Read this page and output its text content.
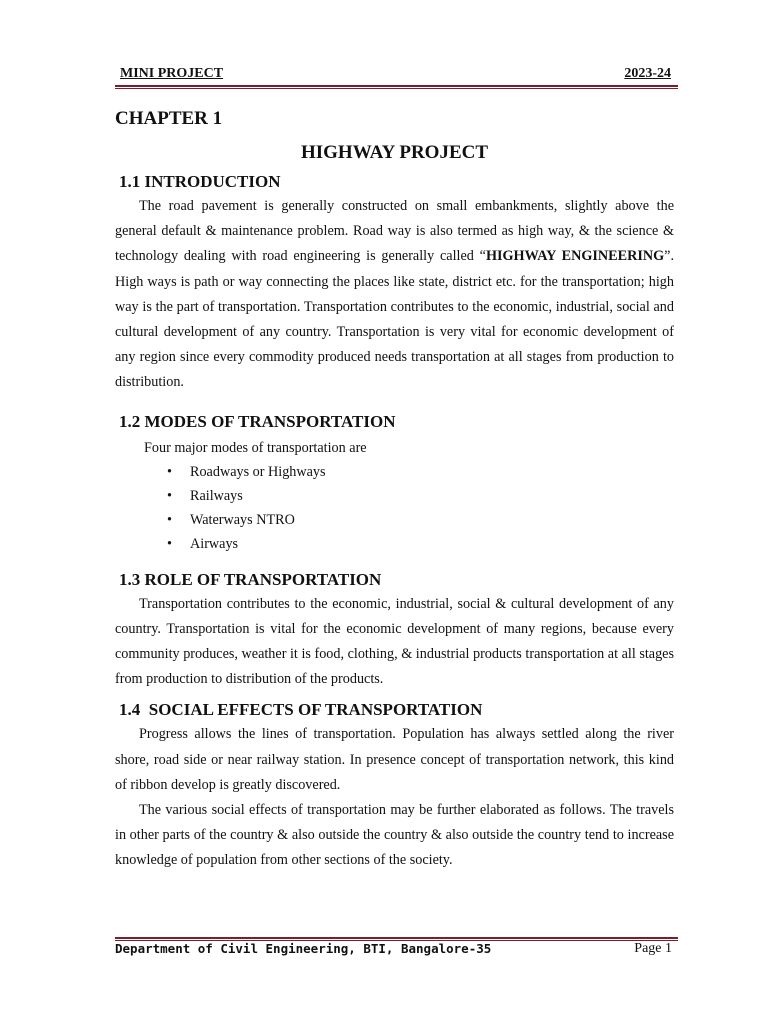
MINI PROJECT	2023-24
CHAPTER 1
HIGHWAY PROJECT
1.1 INTRODUCTION

The road pavement is generally constructed on small embankments, slightly above the general default & maintenance problem. Road way is also termed as high way, & the science & technology dealing with road engineering is generally called “HIGHWAY ENGINEERING”. High ways is path or way connecting the places like state, district etc. for the transportation; high way is the part of transportation. Transportation contributes to the economic, industrial, social and cultural development of any country. Transportation is very vital for economic development of any region since every commodity produced needs transportation at all stages from production to distribution.

1.2 MODES OF TRANSPORTATION
Four major modes of transportation are
• Roadways or Highways
• Railways
• Waterways NTRO
• Airways
1.3 ROLE OF TRANSPORTATION

Transportation contributes to the economic, industrial, social & cultural development of any country. Transportation is vital for the economic development of many regions, because every community produces, weather it is food, clothing, & industrial products transportation at all stages from production to distribution of the products.

1.4  SOCIAL EFFECTS OF TRANSPORTATION

Progress allows the lines of transportation. Population has always settled along the river shore, road side or near railway station. In presence concept of transportation network, this kind of ribbon develop is greatly discovered.

The various social effects of transportation may be further elaborated as follows. The travels in other parts of the country & also outside the country & also outside the country tend to increase knowledge of population from other sections of the society.

Department of Civil Engineering, BTI, Bangalore-35	Page 1
